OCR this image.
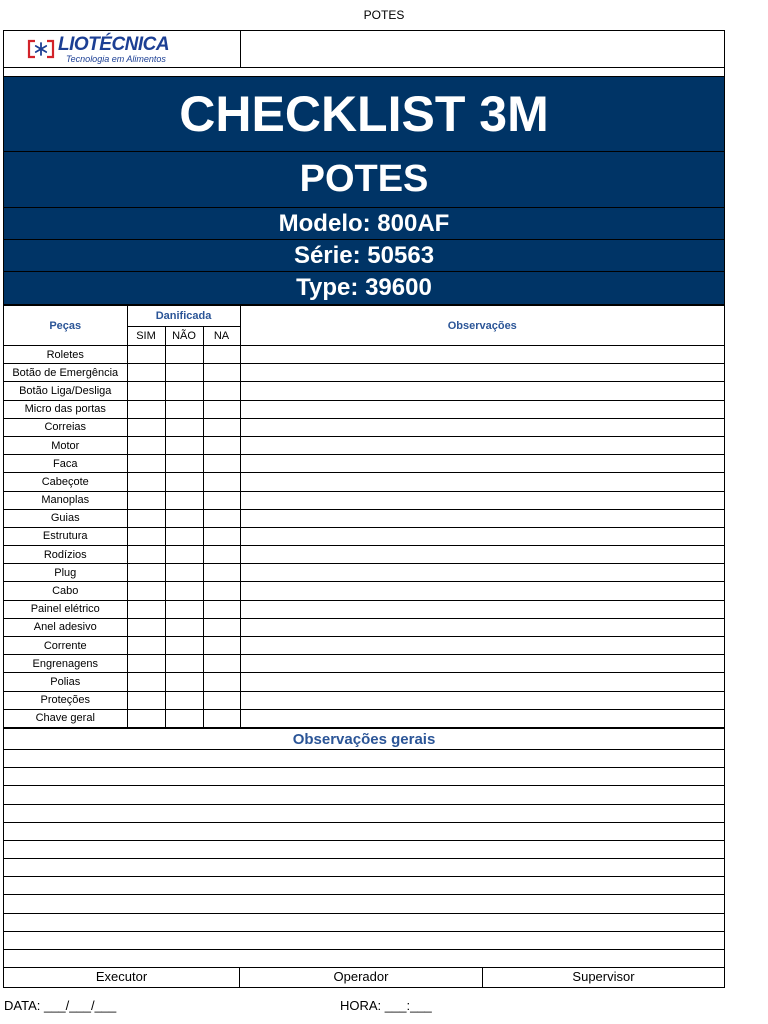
POTES
LIOTÉCNICA
Tecnologia em Alimentos
CHECKLIST 3M
POTES
Modelo: 800AF
Série: 50563
Type: 39600
Peças	Danificada			Observações
	SIM	NÃO	NA	
Roletes				
Botão de Emergência				
Botão Liga/Desliga				
Micro das portas				
Correias				
Motor				
Faca				
Cabeçote				
Manoplas				
Guias				
Estrutura				
Rodízios				
Plug				
Cabo				
Painel elétrico				
Anel adesivo				
Corrente				
Engrenagens				
Polias				
Proteções				
Chave geral				
Observações gerais
Executor	Operador	Supervisor
DATA: ___/___/___	HORA: ___:___
